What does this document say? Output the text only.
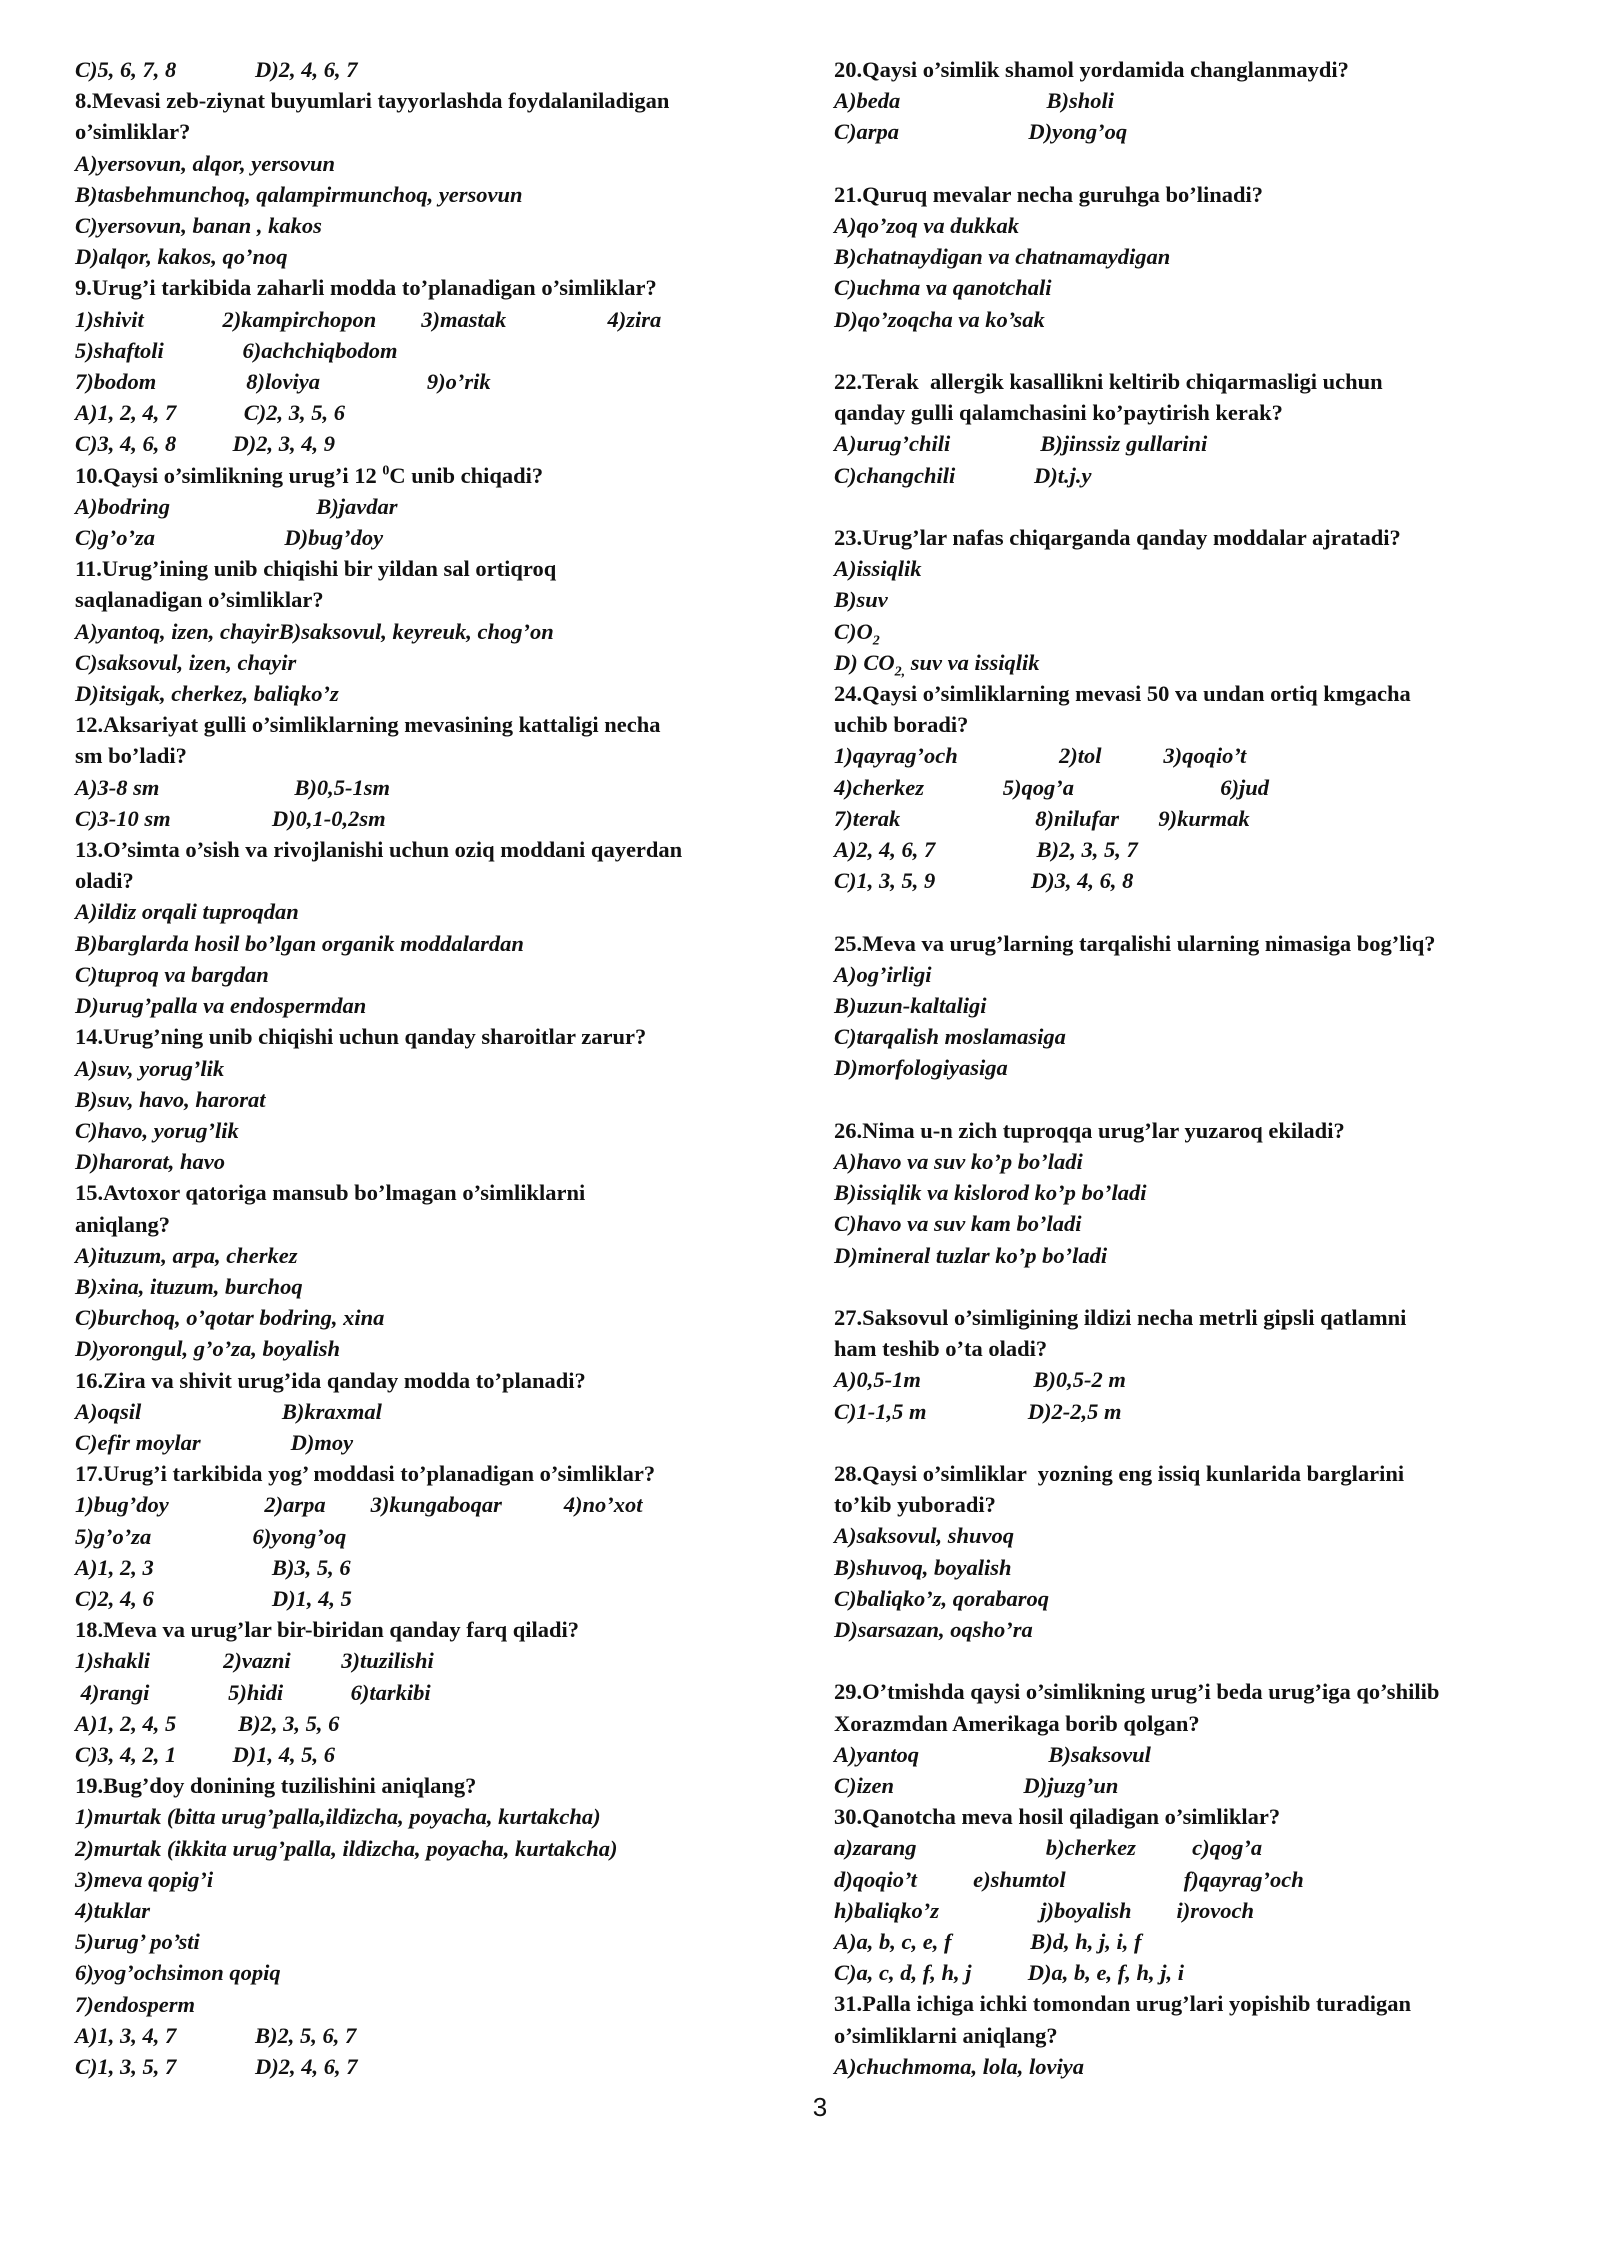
C)5, 6, 7, 8              D)2, 4, 6, 7
8.Mevasi zeb-ziynat buyumlari tayyorlashda foydalaniladigan
o’simliklar?
A)yersovun, alqor, yersovun
B)tasbehmunchoq, qalampirmunchoq, yersovun
C)yersovun, banan , kakos
D)alqor, kakos, qo’noq
9.Urug’i tarkibida zaharli modda to’planadigan o’simliklar?
1)shivit              2)kampirchopon        3)mastak                  4)zira
5)shaftoli              6)achchiqbodom
7)bodom                8)loviya                   9)o’rik
A)1, 2, 4, 7            C)2, 3, 5, 6
C)3, 4, 6, 8          D)2, 3, 4, 9
10.Qaysi o’simlikning urug’i 12 $^0$C unib chiqadi?
A)bodring                          B)javdar
C)g’o’za                       D)bug’doy
11.Urug’ining unib chiqishi bir yildan sal ortiqroq
saqlanadigan o’simliklar?
A)yantoq, izen, chayirB)saksovul, keyreuk, chog’on
C)saksovul, izen, chayir
D)itsigak, cherkez, baliqko’z
12.Aksariyat gulli o’simliklarning mevasining kattaligi necha
sm bo’ladi?
A)3-8 sm                        B)0,5-1sm
C)3-10 sm                  D)0,1-0,2sm
13.O’simta o’sish va rivojlanishi uchun oziq moddani qayerdan
oladi?
A)ildiz orqali tuproqdan
B)barglarda hosil bo’lgan organik moddalardan
C)tuproq va bargdan
D)urug’palla va endospermdan
14.Urug’ning unib chiqishi uchun qanday sharoitlar zarur?
A)suv, yorug’lik
B)suv, havo, harorat
C)havo, yorug’lik
D)harorat, havo
15.Avtoxor qatoriga mansub bo’lmagan o’simliklarni
aniqlang?
A)ituzum, arpa, cherkez
B)xina, ituzum, burchoq
C)burchoq, o’qotar bodring, xina
D)yorongul, g’o’za, boyalish
16.Zira va shivit urug’ida qanday modda to’planadi?
A)oqsil                         B)kraxmal
C)efir moylar                D)moy
17.Urug’i tarkibida yog’ moddasi to’planadigan o’simliklar?
1)bug’doy                 2)arpa        3)kungaboqar           4)no’xot
5)g’o’za                  6)yong’oq
A)1, 2, 3                     B)3, 5, 6
C)2, 4, 6                     D)1, 4, 5
18.Meva va urug’lar bir-biridan qanday farq qiladi?
1)shakli             2)vazni         3)tuzilishi
4)rangi              5)hidi            6)tarkibi
A)1, 2, 4, 5           B)2, 3, 5, 6
C)3, 4, 2, 1          D)1, 4, 5, 6
19.Bug’doy donining tuzilishini aniqlang?
1)murtak (bitta urug’palla,ildizcha, poyacha, kurtakcha)
2)murtak (ikkita urug’palla, ildizcha, poyacha, kurtakcha)
3)meva qopig’i
4)tuklar
5)urug’ po’sti
6)yog’ochsimon qopiq
7)endosperm
A)1, 3, 4, 7              B)2, 5, 6, 7
C)1, 3, 5, 7              D)2, 4, 6, 7
20.Qaysi o’simlik shamol yordamida changlanmaydi?
A)beda                          B)sholi
C)arpa                       D)yong’oq
21.Quruq mevalar necha guruhga bo’linadi?
A)qo’zoq va dukkak
B)chatnaydigan va chatnamaydigan
C)uchma va qanotchali
D)qo’zoqcha va ko’sak
22.Terak  allergik kasallikni keltirib chiqarmasligi uchun
qanday gulli qalamchasini ko’paytirish kerak?
A)urug’chili                B)jinssiz gullarini
C)changchili              D)t.j.y
23.Urug’lar nafas chiqarganda qanday moddalar ajratadi?
A)issiqlik
B)suv
$C)O_2$
D) $CO_{2,}$ suv va issiqlik
24.Qaysi o’simliklarning mevasi 50 va undan ortiq kmgacha
uchib boradi?
1)qayrag’och                  2)tol           3)qoqio’t
4)cherkez              5)qog’a                          6)jud
7)terak                        8)nilufar       9)kurmak
A)2, 4, 6, 7                  B)2, 3, 5, 7
C)1, 3, 5, 9                 D)3, 4, 6, 8
25.Meva va urug’larning tarqalishi ularning nimasiga bog’liq?
A)og’irligi
B)uzun-kaltaligi
C)tarqalish moslamasiga
D)morfologiyasiga
26.Nima u-n zich tuproqqa urug’lar yuzaroq ekiladi?
A)havo va suv ko’p bo’ladi
B)issiqlik va kislorod ko’p bo’ladi
C)havo va suv kam bo’ladi
D)mineral tuzlar ko’p bo’ladi
27.Saksovul o’simligining ildizi necha metrli gipsli qatlamni
ham teshib o’ta oladi?
A)0,5-1m                    B)0,5-2 m
C)1-1,5 m                  D)2-2,5 m
28.Qaysi o’simliklar  yozning eng issiq kunlarida barglarini
to’kib yuboradi?
A)saksovul, shuvoq
B)shuvoq, boyalish
C)baliqko’z, qorabaroq
D)sarsazan, oqsho’ra
29.O’tmishda qaysi o’simlikning urug’i beda urug’iga qo’shilib
Xorazmdan Amerikaga borib qolgan?
A)yantoq                       B)saksovul
C)izen                       D)juzg’un
30.Qanotcha meva hosil qiladigan o’simliklar?
a)zarang                       b)cherkez          c)qog’a
d)qoqio’t          e)shumtol                     f)qayrag’och
h)baliqko’z                  j)boyalish        i)rovoch
A)a, b, c, e, f              B)d, h, j, i, f
C)a, c, d, f, h, j          D)a, b, e, f, h, j, i
31.Palla ichiga ichki tomondan urug’lari yopishib turadigan
o’simliklarni aniqlang?
A)chuchmoma, lola, loviya
3
